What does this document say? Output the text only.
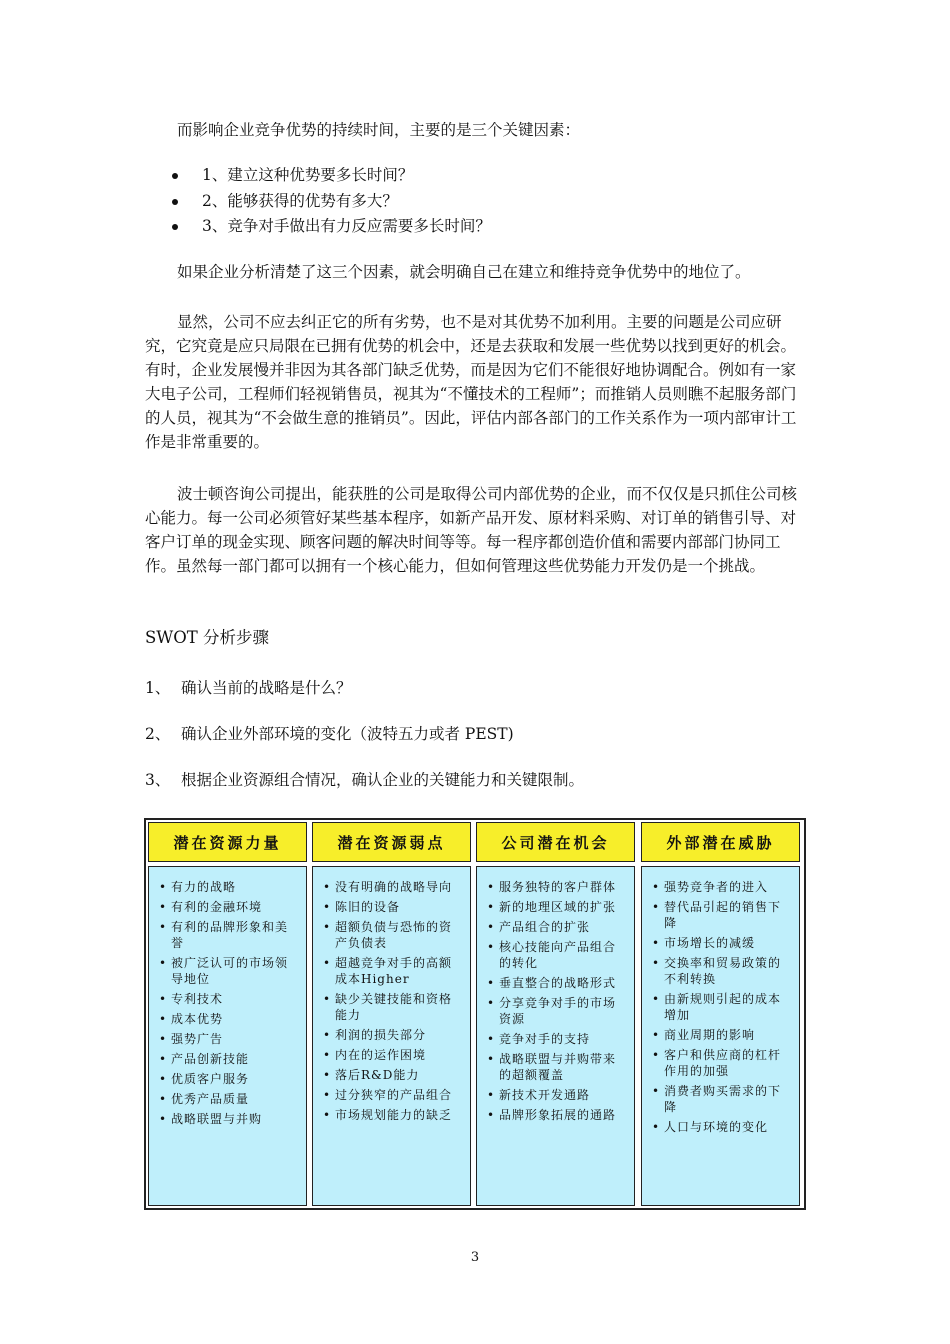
而影响企业竞争优势的持续时间，主要的是三个关键因素：

1、建立这种优势要多长时间？
2、能够获得的优势有多大？
3、竞争对手做出有力反应需要多长时间？

如果企业分析清楚了这三个因素，就会明确自己在建立和维持竞争优势中的地位了。

显然，公司不应去纠正它的所有劣势，也不是对其优势不加利用。主要的问题是公司应研究，它究竟是应只局限在已拥有优势的机会中，还是去获取和发展一些优势以找到更好的机会。有时，企业发展慢并非因为其各部门缺乏优势，而是因为它们不能很好地协调配合。例如有一家大电子公司，工程师们轻视销售员，视其为“不懂技术的工程师”；而推销人员则瞧不起服务部门的人员，视其为“不会做生意的推销员”。因此，评估内部各部门的工作关系作为一项内部审计工作是非常重要的。

波士顿咨询公司提出，能获胜的公司是取得公司内部优势的企业，而不仅仅是只抓住公司核心能力。每一公司必须管好某些基本程序，如新产品开发、原材料采购、对订单的销售引导、对客户订单的现金实现、顾客问题的解决时间等等。每一程序都创造价值和需要内部部门协同工作。虽然每一部门都可以拥有一个核心能力，但如何管理这些优势能力开发仍是一个挑战。

SWOT 分析步骤
1、 确认当前的战略是什么？
2、 确认企业外部环境的变化（波特五力或者 PEST)
3、 根据企业资源组合情况，确认企业的关键能力和关键限制。
潜在资源力量
• 有力的战略
• 有利的金融环境
• 有利的品牌形象和美誉
• 被广泛认可的市场领导地位
• 专利技术
• 成本优势
• 强势广告
• 产品创新技能
• 优质客户服务
• 优秀产品质量
• 战略联盟与并购
潜在资源弱点
• 没有明确的战略导向
• 陈旧的设备
• 超额负债与恐怖的资产负债表
• 超越竞争对手的高额成本Higher
• 缺少关键技能和资格能力
• 利润的损失部分
• 内在的运作困境
• 落后R&D能力
• 过分狭窄的产品组合
• 市场规划能力的缺乏
公司潜在机会
• 服务独特的客户群体
• 新的地理区域的扩张
• 产品组合的扩张
• 核心技能向产品组合的转化
• 垂直整合的战略形式
• 分享竞争对手的市场资源
• 竞争对手的支持
• 战略联盟与并购带来的超额覆盖
• 新技术开发通路
• 品牌形象拓展的通路
外部潜在威胁
• 强势竞争者的进入
• 替代品引起的销售下降
• 市场增长的减缓
• 交换率和贸易政策的不利转换
• 由新规则引起的成本增加
• 商业周期的影响
• 客户和供应商的杠杆作用的加强
• 消费者购买需求的下降
• 人口与环境的变化
3
